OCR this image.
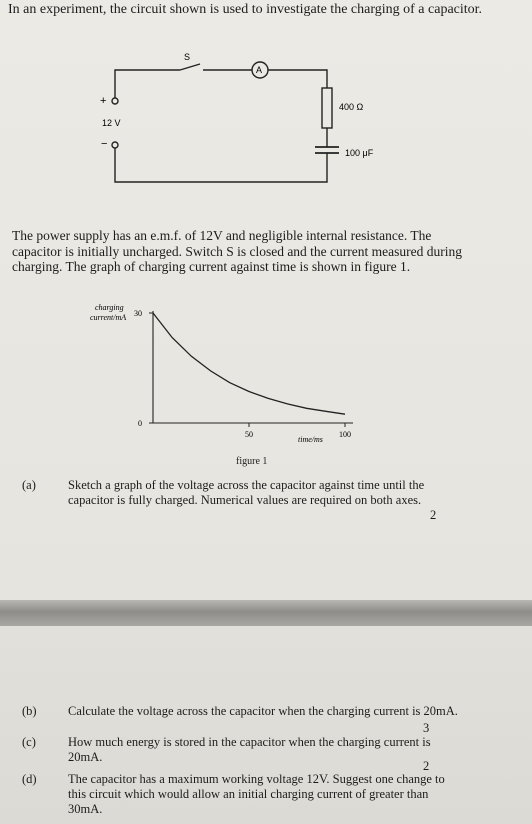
In an experiment, the circuit shown is used to investigate the charging of a capacitor.
S
A
400 Ω
100 μF
+
12 V
−
The power supply has an e.m.f. of 12V and negligible internal resistance. The
capacitor is initially uncharged. Switch S is closed and the current measured during
charging. The graph of charging current against time is shown in figure 1.
charging
current/mA
0
30
50	100
time/ms
figure 1
(a)	Sketch a graph of the voltage across the capacitor against time until the
capacitor is fully charged. Numerical values are required on both axes.
2
(b)	Calculate the voltage across the capacitor when the charging current is 20mA.
3
(c)	How much energy is stored in the capacitor when the charging current is
20mA.
2
(d)	The capacitor has a maximum working voltage 12V. Suggest one change to
this circuit which would allow an initial charging current of greater than
30mA.
